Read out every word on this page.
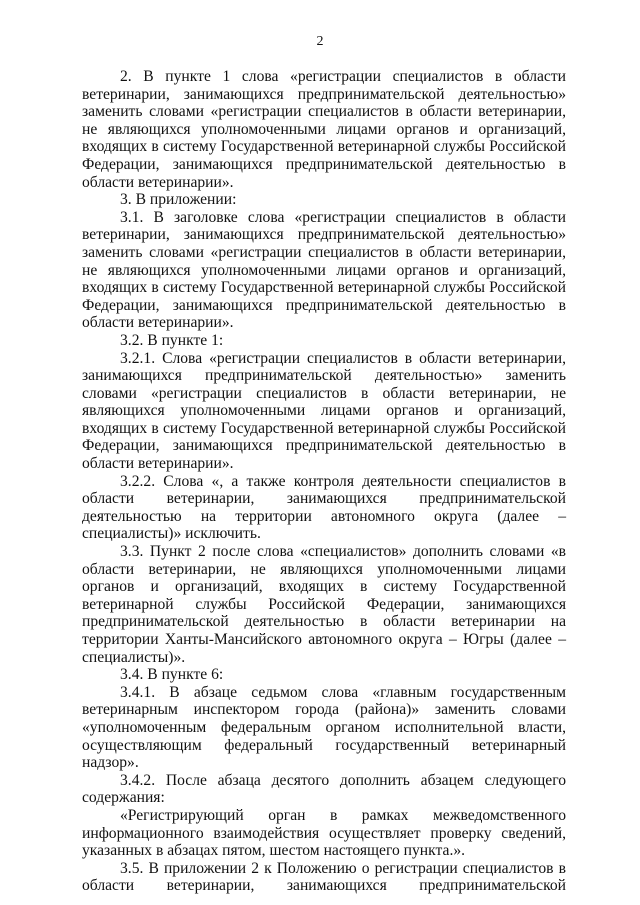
2

2. В пункте 1 слова «регистрации специалистов в области ветеринарии, занимающихся предпринимательской деятельностью» заменить словами «регистрации специалистов в области ветеринарии, не являющихся уполномоченными лицами органов и организаций, входящих в систему Государственной ветеринарной службы Российской Федерации, занимающихся предпринимательской деятельностью в области ветеринарии».

3. В приложении:

3.1. В заголовке слова «регистрации специалистов в области ветеринарии, занимающихся предпринимательской деятельностью» заменить словами «регистрации специалистов в области ветеринарии, не являющихся уполномоченными лицами органов и организаций, входящих в систему Государственной ветеринарной службы Российской Федерации, занимающихся предпринимательской деятельностью в области ветеринарии».

3.2. В пункте 1:

3.2.1. Слова «регистрации специалистов в области ветеринарии, занимающихся предпринимательской деятельностью» заменить словами «регистрации специалистов в области ветеринарии, не являющихся уполномоченными лицами органов и организаций, входящих в систему Государственной ветеринарной службы Российской Федерации, занимающихся предпринимательской деятельностью в области ветеринарии».

3.2.2. Слова «, а также контроля деятельности специалистов в области ветеринарии, занимающихся предпринимательской деятельностью на территории автономного округа (далее – специалисты)» исключить.

3.3. Пункт 2 после слова «специалистов» дополнить словами «в области ветеринарии, не являющихся уполномоченными лицами органов и организаций, входящих в систему Государственной ветеринарной службы Российской Федерации, занимающихся предпринимательской деятельностью в области ветеринарии на территории Ханты-Мансийского автономного округа – Югры (далее – специалисты)».

3.4. В пункте 6:

3.4.1. В абзаце седьмом слова «главным государственным ветеринарным инспектором города (района)» заменить словами «уполномоченным федеральным органом исполнительной власти, осуществляющим федеральный государственный ветеринарный надзор».

3.4.2. После абзаца десятого дополнить абзацем следующего содержания:

«Регистрирующий орган в рамках межведомственного информационного взаимодействия осуществляет проверку сведений, указанных в абзацах пятом, шестом настоящего пункта.».

3.5. В приложении 2 к Положению о регистрации специалистов в области ветеринарии, занимающихся предпринимательской
